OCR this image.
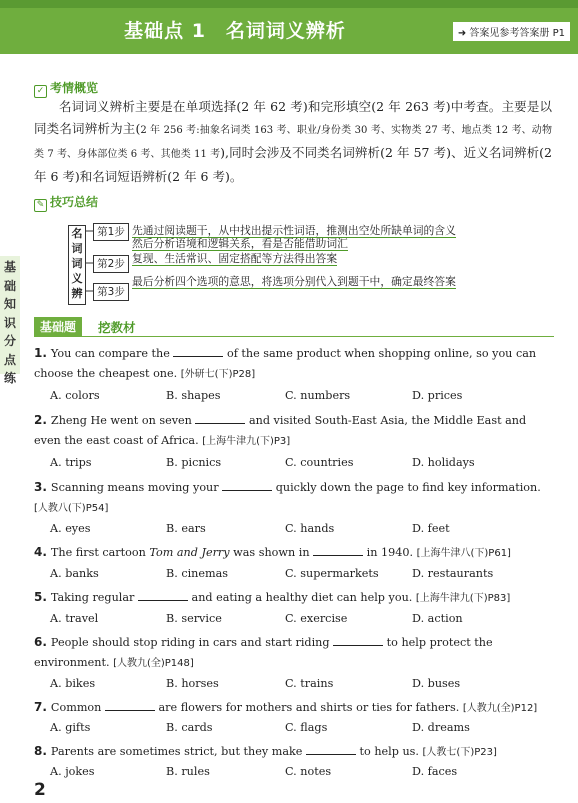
基础点 1　名词词义辨析	➜ 答案见参考答案册 P1
基
础
知
识
分
点
练
✓ 考情概览
名词词义辨析主要是在单项选择(2 年 62 考)和完形填空(2 年 263 考)中考查。主要是以同类名词辨析为主(2 年 256 考:抽象名词类 163 考、职业/身份类 30 考、实物类 27 考、地点类 12 考、动物类 7 考、身体部位类 6 考、其他类 11 考),同时会涉及不同类名词辨析(2 年 57 考)、近义名词辨析(2 年 6 考)和名词短语辨析(2 年 6 考)。
✎ 技巧总结
名
词
词
义
辨
第1步 先通过阅读题干，从中找出提示性词语，推测出空处所缺单词的含义
第2步
然后分析语境和逻辑关系，看是否能借助词汇
复现、生活常识、固定搭配等方法得出答案
第3步
最后分析四个选项的意思，将选项分别代入到题干中，确定最终答案
基础题	挖教材
1. You can compare the	of the same product when shopping online, so you can choose the cheapest one. [外研七(下)P28]
A. colors	B. shapes	C. numbers	D. prices
2. Zheng He went on seven	and visited South-East Asia, the Middle East and even the east coast of Africa. [上海牛津九(下)P3]
A. trips	B. picnics	C. countries	D. holidays
3. Scanning means moving your	quickly down the page to find key information. [人教八(下)P54]
A. eyes	B. ears	C. hands	D. feet
4. The first cartoon Tom and Jerry was shown in	in 1940. [上海牛津八(下)P61]
A. banks	B. cinemas	C. supermarkets	D. restaurants
5. Taking regular	and eating a healthy diet can help you. [上海牛津九(下)P83]
A. travel	B. service	C. exercise	D. action
6. People should stop riding in cars and start riding	to help protect the environment. [人教九(全)P148]
A. bikes	B. horses	C. trains	D. buses
7. Common	are flowers for mothers and shirts or ties for fathers. [人教九(全)P12]
A. gifts	B. cards	C. flags	D. dreams
8. Parents are sometimes strict, but they make	to help us. [人教七(下)P23]
A. jokes	B. rules	C. notes	D. faces
2
